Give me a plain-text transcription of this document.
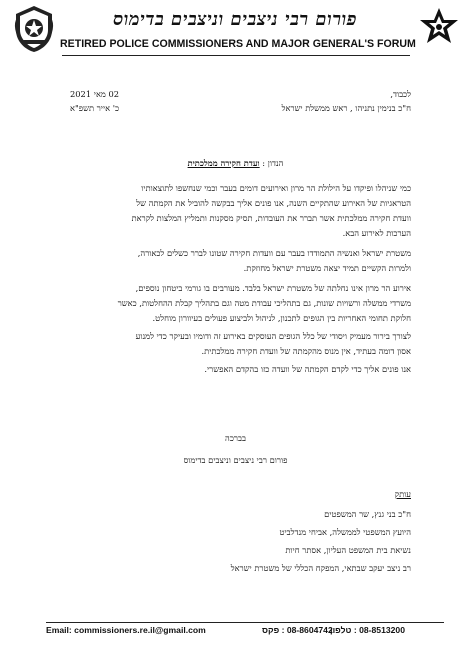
פורום רבי ניצבים וניצבים בדימוס
RETIRED POLICE COMMISSIONERS AND MAJOR GENERAL'S FORUM
02 מאי 2021
כ' אייר תשפ"א
לכבוד,
ח"כ בנימין נתניהו , ראש ממשלת ישראל
הנדון : ועדת חקירה ממלכתית
כמי שניהלו ופיקדו על הילולת הר מרון ואירועים דומים בעבר וכמי שנחשפו לתוצאותיו
הטראגיות של האירוע שהתקיים השנה, אנו פונים אליך בבקשה להוביל את הקמתה של
וועדת חקירה ממלכתית אשר תברר את העובדות, תסיק מסקנות ותמליץ המלצות לקראת
הערכות לאירוע הבא.
משטרת ישראל ואנשיה התמודדו בעבר עם וועדות חקירה שטונו לברר כשלים לכאורה,
ולמרות הקשיים תמיד יצאה משטרת ישראל מחוזקת.
אירוע הר מרון אינו נחלתה של משטרת ישראל בלבד. מעורבים בו גורמי ביטחון נוספים,
משרדי ממשלה ורשויות שונות, גם בתהליכי עבודת מטה וגם בתהליך קבלת ההחלטות, כאשר
חלוקת תחומי האחריות בין הגופים לתכנון, לניהול ולביצוע פעולים בעיוורון מוחלט.
לצורך בירור מעמיק ויסודי של כלל הגופים העוסקים באירוע זה ודומיו ובעיקר כדי למנוע
אסון דומה בעתיד, אין מנוס מהקמתה של וועדת חקירה ממלכתית.
אנו פונים אליך כדי לקדם הקמתה של וועדה כזו בהקדם האפשרי.
בברכה
פורום רבי ניצבים וניצבים בדימוס
עותק
ח"כ בני גנץ, שר המשפטים
היועץ המשפטי לממשלה, אביחי מנדלביט
נשיאת בית המשפט העליון, אסתר חיות
רב ניצב יעקב שבתאי, המפקח הכללי של משטרת ישראל
Email: commissioners.re.il@gmail.com	08-8604742 : פקס
08-8513200 : טלפון
